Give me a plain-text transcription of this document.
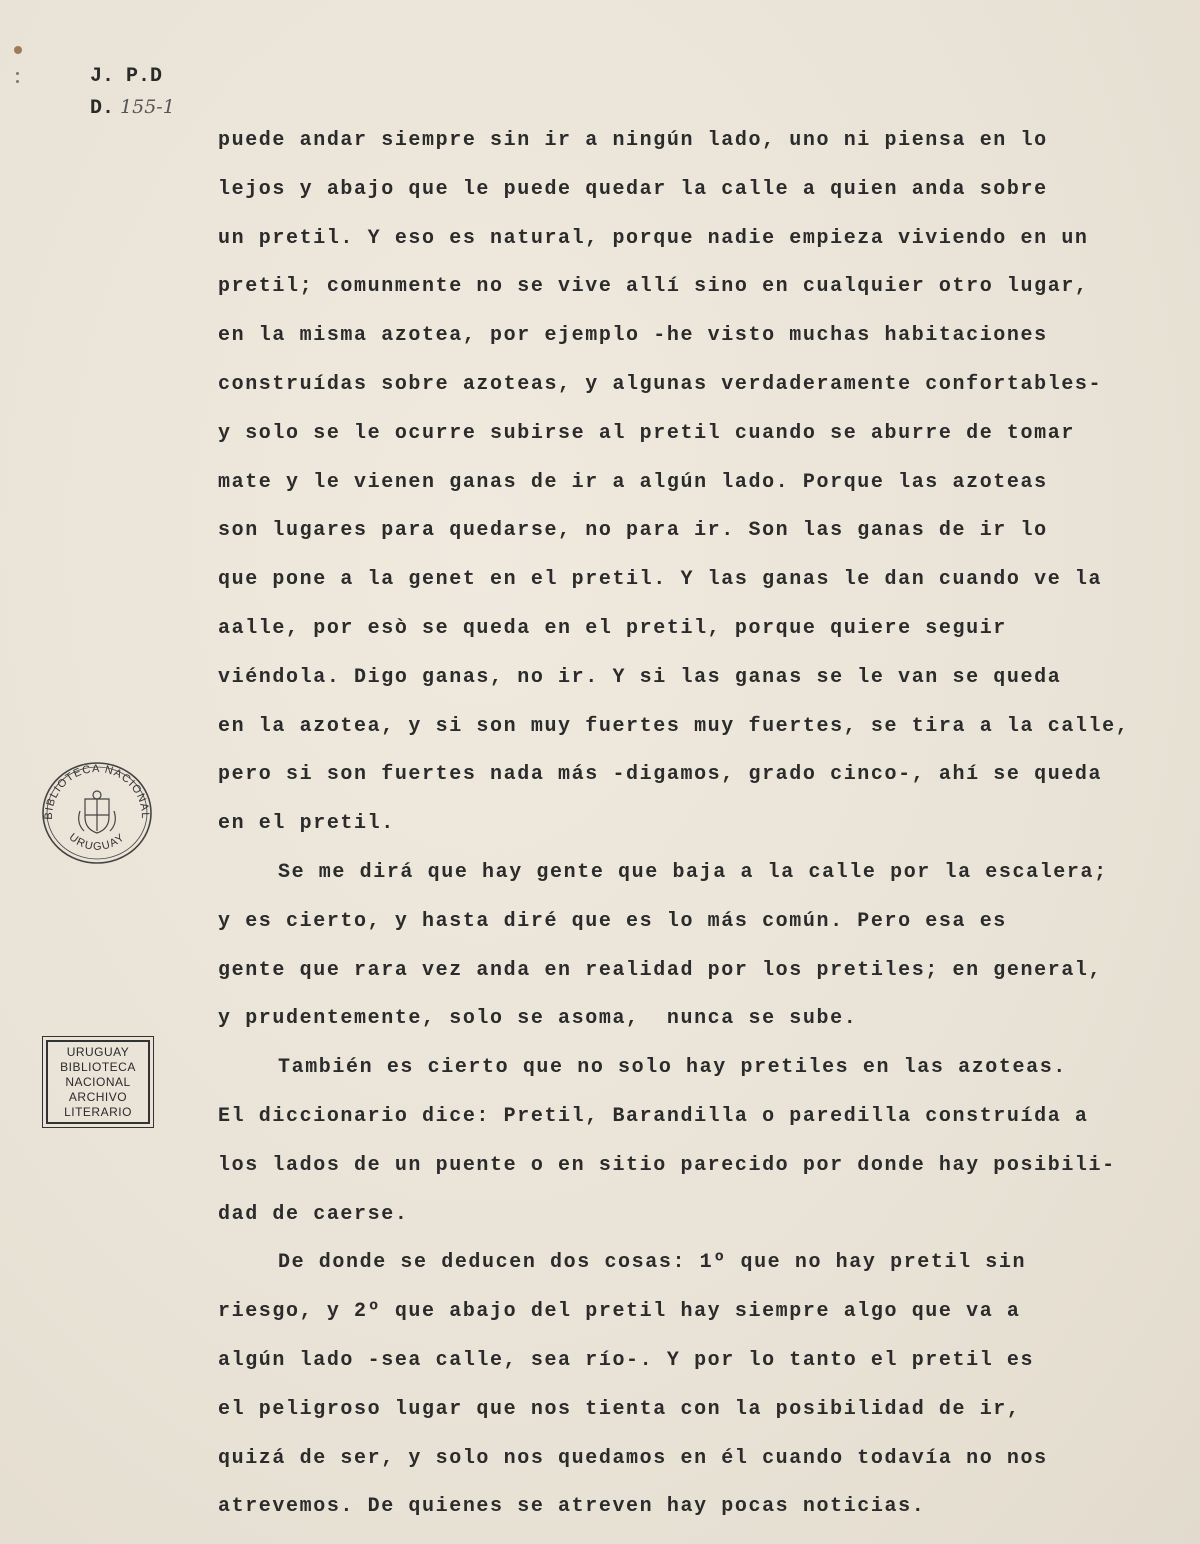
J. P.D
D. 155-1
puede andar siempre sin ir a ningún lado, uno ni piensa en lo
lejos y abajo que le puede quedar la calle a quien anda sobre
un pretil. Y eso es natural, porque nadie empieza viviendo en un
pretil; comunmente no se vive allí sino en cualquier otro lugar,
en la misma azotea, por ejemplo -he visto muchas habitaciones
construídas sobre azoteas, y algunas verdaderamente confortables-
y solo se le ocurre subirse al pretil cuando se aburre de tomar
mate y le vienen ganas de ir a algún lado. Porque las azoteas
son lugares para quedarse, no para ir. Son las ganas de ir lo
que pone a la genet en el pretil. Y las ganas le dan cuando ve la
aalle, por esò se queda en el pretil, porque quiere seguir
viéndola. Digo ganas, no ir. Y si las ganas se le van se queda
en la azotea, y si son muy fuertes muy fuertes, se tira a la calle,
pero si son fuertes nada más -digamos, grado cinco-, ahí se queda
en el pretil.
Se me dirá que hay gente que baja a la calle por la escalera;
y es cierto, y hasta diré que es lo más común. Pero esa es
gente que rara vez anda en realidad por los pretiles; en general,
y prudentemente, solo se asoma,  nunca se sube.
También es cierto que no solo hay pretiles en las azoteas.
El diccionario dice: Pretil, Barandilla o paredilla construída a
los lados de un puente o en sitio parecido por donde hay posibili-
dad de caerse.
De donde se deducen dos cosas: 1º que no hay pretil sin
riesgo, y 2º que abajo del pretil hay siempre algo que va a
algún lado -sea calle, sea río-. Y por lo tanto el pretil es
el peligroso lugar que nos tienta con la posibilidad de ir,
quizá de ser, y solo nos quedamos en él cuando todavía no nos
atrevemos. De quienes se atreven hay pocas noticias.
BIBLIOTECA NACIONAL
URUGUAY
URUGUAY
BIBLIOTECA
NACIONAL
ARCHIVO
LITERARIO
